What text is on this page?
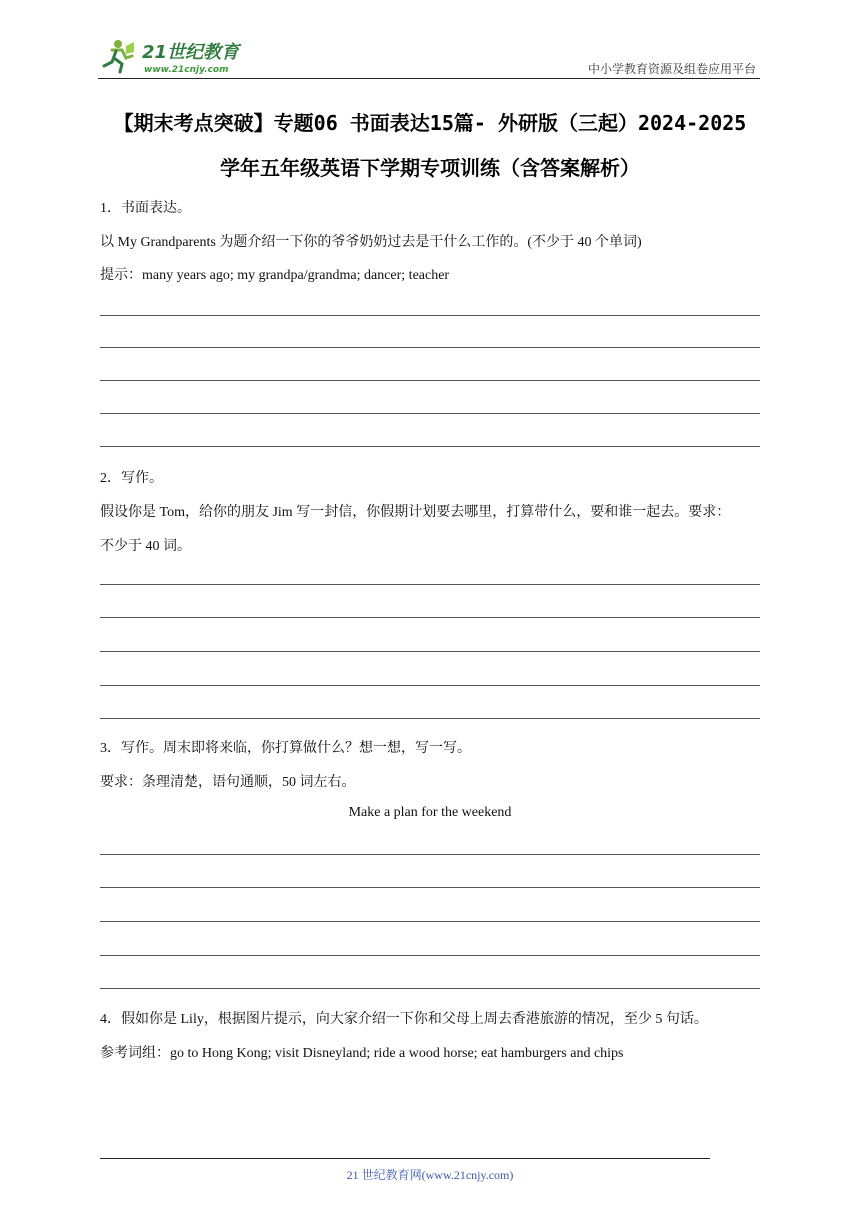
21世纪教育
www.21cnjy.com	中小学教育资源及组卷应用平台
【期末考点突破】专题06 书面表达15篇- 外研版（三起）2024-2025
学年五年级英语下学期专项训练（含答案解析）
1．书面表达。
以 My Grandparents 为题介绍一下你的爷爷奶奶过去是干什么工作的。(不少于 40 个单词)
提示：many years ago; my grandpa/grandma; dancer; teacher
2．写作。
假设你是 Tom，给你的朋友 Jim 写一封信，你假期计划要去哪里，打算带什么，要和谁一起去。要求：
不少于 40 词。
3．写作。周末即将来临，你打算做什么？想一想，写一写。
要求：条理清楚，语句通顺，50 词左右。
Make a plan for the weekend
4．假如你是 Lily，根据图片提示，向大家介绍一下你和父母上周去香港旅游的情况，至少 5 句话。
参考词组：go to Hong Kong; visit Disneyland; ride a wood horse; eat hamburgers and chips
21 世纪教育网(www.21cnjy.com)
